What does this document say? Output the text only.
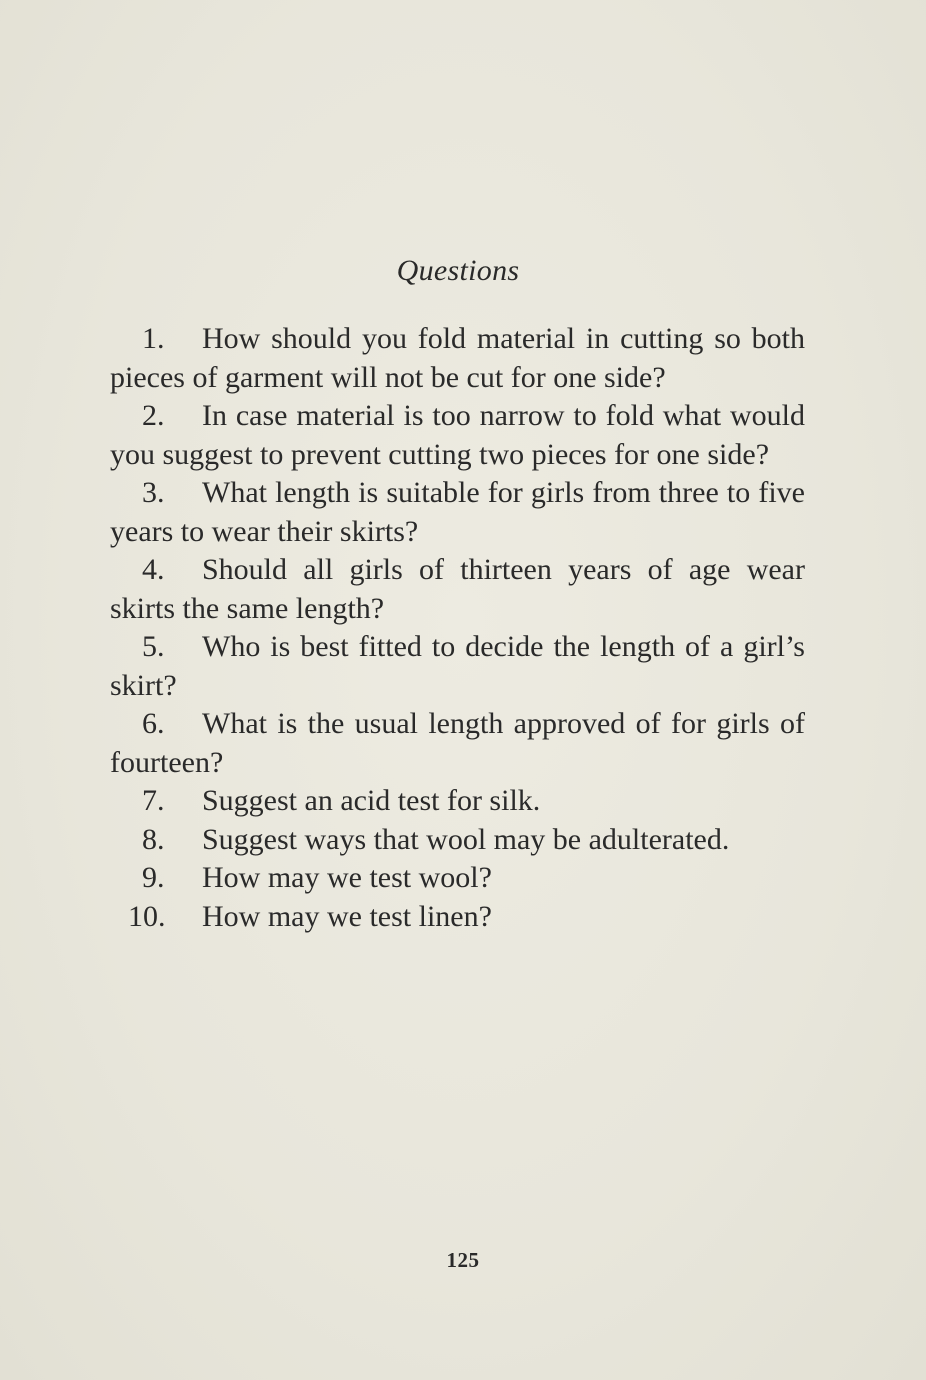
Questions
1. How should you fold material in cutting so both pieces of garment will not be cut for one side?
2. In case material is too narrow to fold what would you suggest to prevent cutting two pieces for one side?
3. What length is suitable for girls from three to five years to wear their skirts?
4. Should all girls of thirteen years of age wear skirts the same length?
5. Who is best fitted to decide the length of a girl’s skirt?
6. What is the usual length approved of for girls of fourteen?
7. Suggest an acid test for silk.
8. Suggest ways that wool may be adulterated.
9. How may we test wool?
10. How may we test linen?
125
